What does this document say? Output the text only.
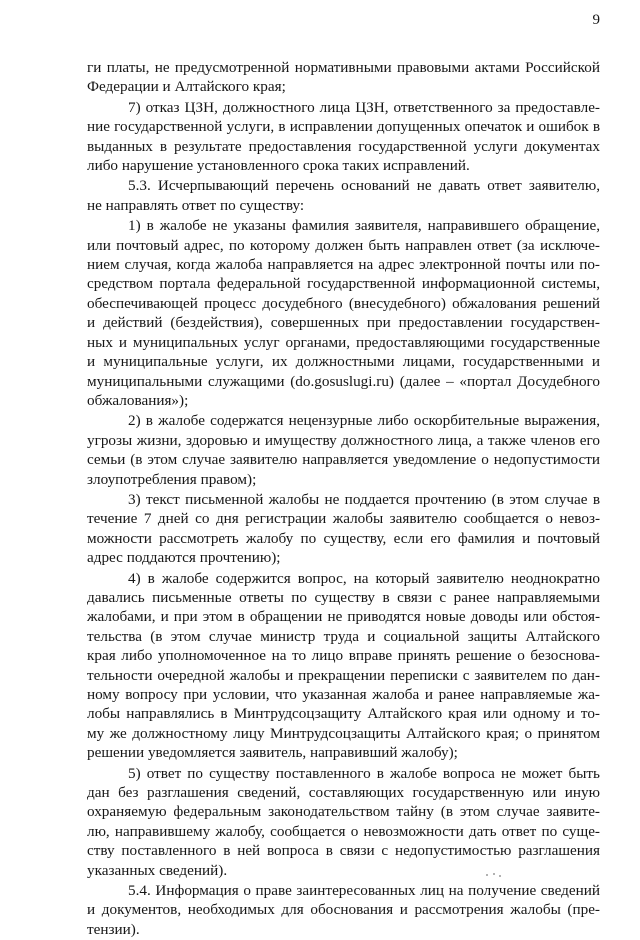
9
ги платы, не предусмотренной нормативными правовыми актами Российской
Федерации и Алтайского края;
7) отказ ЦЗН, должностного лица ЦЗН, ответственного за предоставле-
ние государственной услуги, в исправлении допущенных опечаток и ошибок в
выданных в результате предоставления государственной услуги документах
либо нарушение установленного срока таких исправлений.
5.3. Исчерпывающий перечень оснований не давать ответ заявителю,
не направлять ответ по существу:
1) в жалобе не указаны фамилия заявителя, направившего обращение,
или почтовый адрес, по которому должен быть направлен ответ (за исключе-
нием случая, когда жалоба направляется на адрес электронной почты или по-
средством портала федеральной государственной информационной системы,
обеспечивающей процесс досудебного (внесудебного) обжалования решений
и действий (бездействия), совершенных при предоставлении государствен-
ных и муниципальных услуг органами, предоставляющими государственные
и муниципальные услуги, их должностными лицами, государственными и
муниципальными служащими (do.gosuslugi.ru) (далее – «портал Досудебного
обжалования»);
2) в жалобе содержатся нецензурные либо оскорбительные выражения,
угрозы жизни, здоровью и имуществу должностного лица, а также членов его
семьи (в этом случае заявителю направляется уведомление о недопустимости
злоупотребления правом);
3) текст письменной жалобы не поддается прочтению (в этом случае в
течение 7 дней со дня регистрации жалобы заявителю сообщается о невоз-
можности рассмотреть жалобу по существу, если его фамилия и почтовый
адрес поддаются прочтению);
4) в жалобе содержится вопрос, на который заявителю неоднократно
давались письменные ответы по существу в связи с ранее направляемыми
жалобами, и при этом в обращении не приводятся новые доводы или обстоя-
тельства (в этом случае министр труда и социальной защиты Алтайского
края либо уполномоченное на то лицо вправе принять решение о безоснова-
тельности очередной жалобы и прекращении переписки с заявителем по дан-
ному вопросу при условии, что указанная жалоба и ранее направляемые жа-
лобы направлялись в Минтрудсоцзащиту Алтайского края или одному и то-
му же должностному лицу Минтрудсоцзащиты Алтайского края; о принятом
решении уведомляется заявитель, направивший жалобу);
5) ответ по существу поставленного в жалобе вопроса не может быть
дан без разглашения сведений, составляющих государственную или иную
охраняемую федеральным законодательством тайну (в этом случае заявите-
лю, направившему жалобу, сообщается о невозможности дать ответ по суще-
ству поставленного в ней вопроса в связи с недопустимостью разглашения
указанных сведений).
5.4. Информация о праве заинтересованных лиц на получение сведений
и документов, необходимых для обоснования и рассмотрения жалобы (пре-
тензии).
